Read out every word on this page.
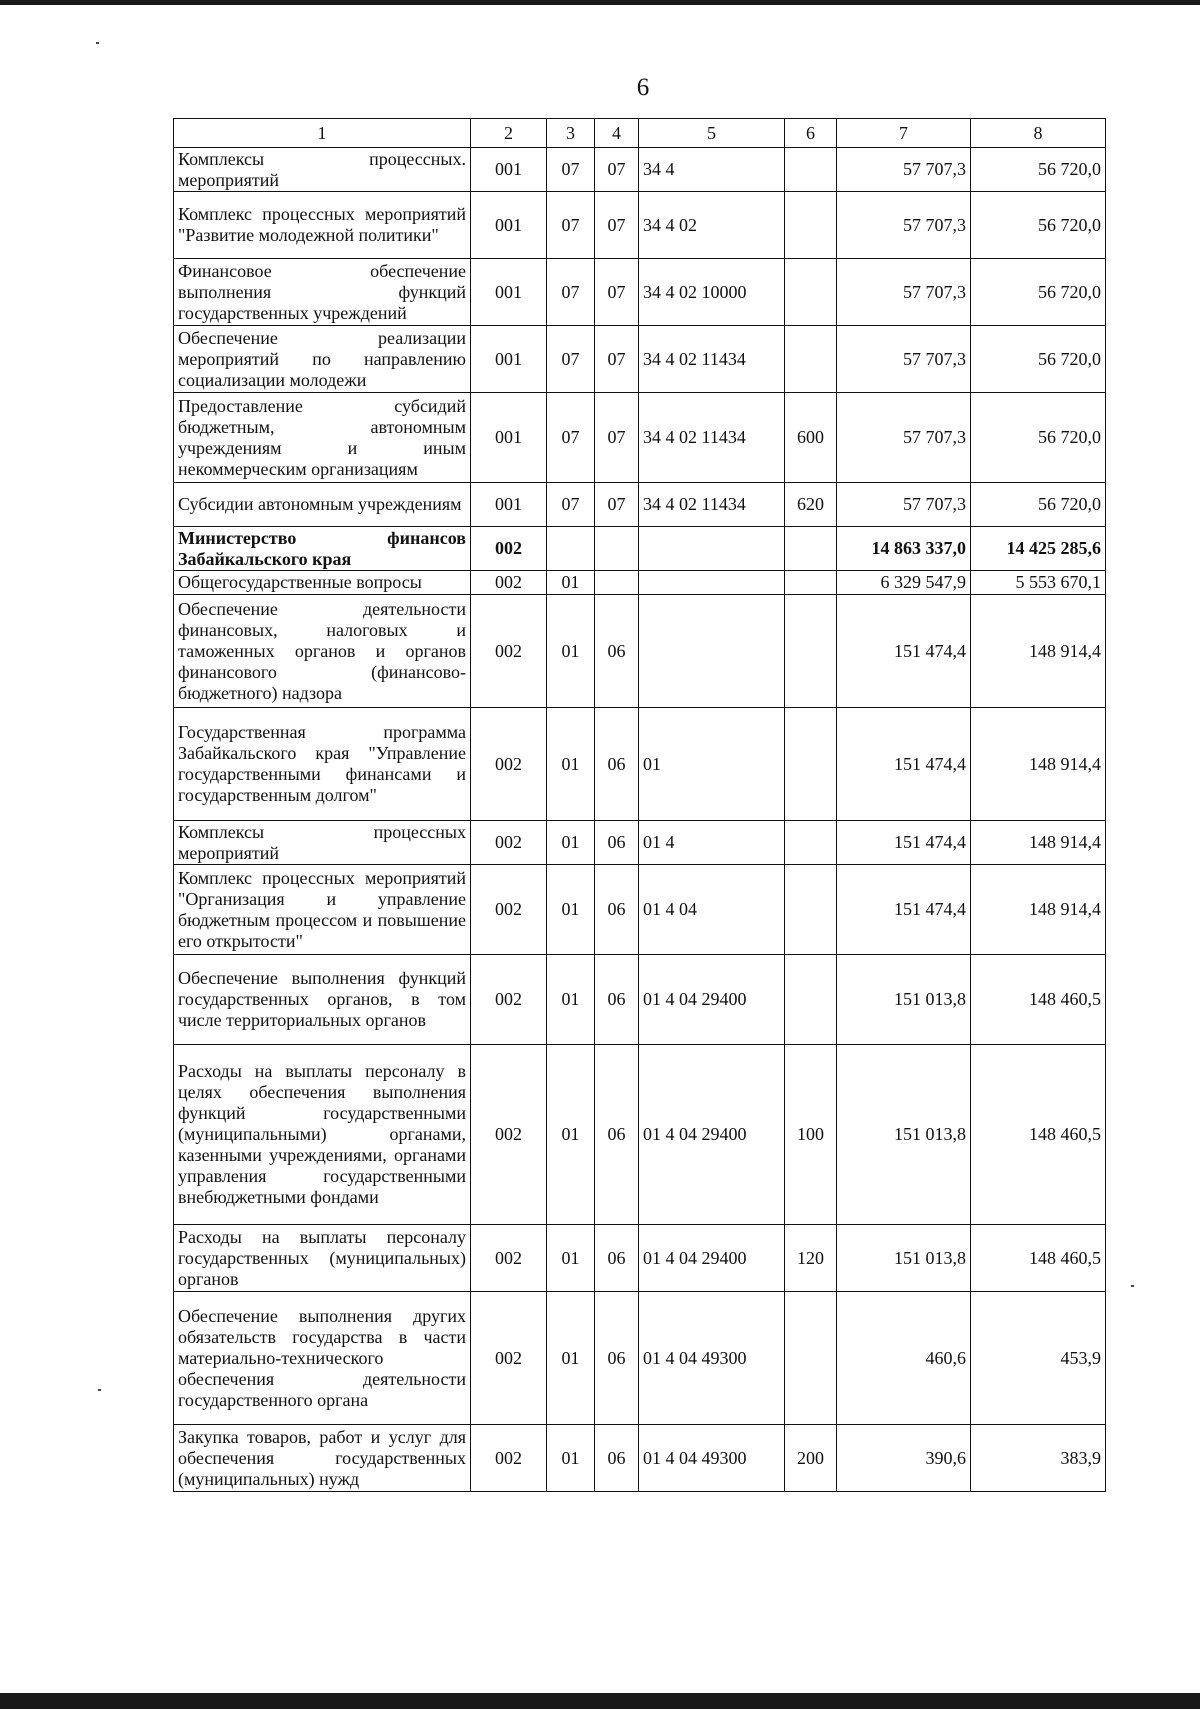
6
1	2	3	4	5	6	7	8
Комплексы процессных. мероприятий	001	07	07	34 4		57 707,3	56 720,0
Комплекс процессных мероприятий "Развитие молодежной политики"	001	07	07	34 4 02		57 707,3	56 720,0
Финансовое обеспечение выполнения функций государственных учреждений	001	07	07	34 4 02 10000		57 707,3	56 720,0
Обеспечение реализации мероприятий по направлению социализации молодежи	001	07	07	34 4 02 11434		57 707,3	56 720,0
Предоставление субсидий бюджетным, автономным учреждениям и иным некоммерческим организациям	001	07	07	34 4 02 11434	600	57 707,3	56 720,0
Субсидии автономным учреждениям	001	07	07	34 4 02 11434	620	57 707,3	56 720,0
Министерство финансов Забайкальского края	002					14 863 337,0	14 425 285,6
Общегосударственные вопросы	002	01				6 329 547,9	5 553 670,1
Обеспечение деятельности финансовых, налоговых и таможенных органов и органов финансового (финансово-бюджетного) надзора	002	01	06			151 474,4	148 914,4
Государственная программа Забайкальского края "Управление государственными финансами и государственным долгом"	002	01	06	01		151 474,4	148 914,4
Комплексы процессных мероприятий	002	01	06	01 4		151 474,4	148 914,4
Комплекс процессных мероприятий "Организация и управление бюджетным процессом и повышение его открытости"	002	01	06	01 4 04		151 474,4	148 914,4
Обеспечение выполнения функций государственных органов, в том числе территориальных органов	002	01	06	01 4 04 29400		151 013,8	148 460,5
Расходы на выплаты персоналу в целях обеспечения выполнения функций государственными (муниципальными) органами, казенными учреждениями, органами управления государственными внебюджетными фондами	002	01	06	01 4 04 29400	100	151 013,8	148 460,5
Расходы на выплаты персоналу государственных (муниципальных) органов	002	01	06	01 4 04 29400	120	151 013,8	148 460,5
Обеспечение выполнения других обязательств государства в части материально-технического обеспечения деятельности государственного органа	002	01	06	01 4 04 49300		460,6	453,9
Закупка товаров, работ и услуг для обеспечения государственных (муниципальных) нужд	002	01	06	01 4 04 49300	200	390,6	383,9
